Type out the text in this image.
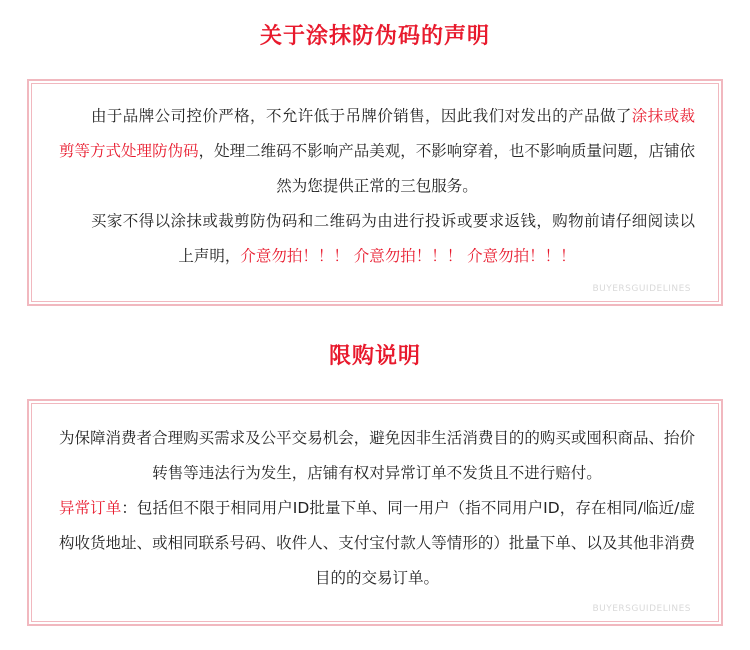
关于涂抹防伪码的声明
由于品牌公司控价严格，不允许低于吊牌价销售，因此我们对发出的产品做了涂抹或裁剪等方式处理防伪码，处理二维码不影响产品美观，不影响穿着，也不影响质量问题，店铺依然为您提供正常的三包服务。
买家不得以涂抹或裁剪防伪码和二维码为由进行投诉或要求返钱，购物前请仔细阅读以上声明，介意勿拍！！！ 介意勿拍！！！ 介意勿拍！！！
BUYERSGUIDELINES
限购说明
为保障消费者合理购买需求及公平交易机会，避免因非生活消费目的的购买或囤积商品、抬价转售等违法行为发生，店铺有权对异常订单不发货且不进行赔付。
异常订单：包括但不限于相同用户ID批量下单、同一用户（指不同用户ID，存在相同/临近/虚构收货地址、或相同联系号码、收件人、支付宝付款人等情形的）批量下单、以及其他非消费目的的交易订单。
BUYERSGUIDELINES
